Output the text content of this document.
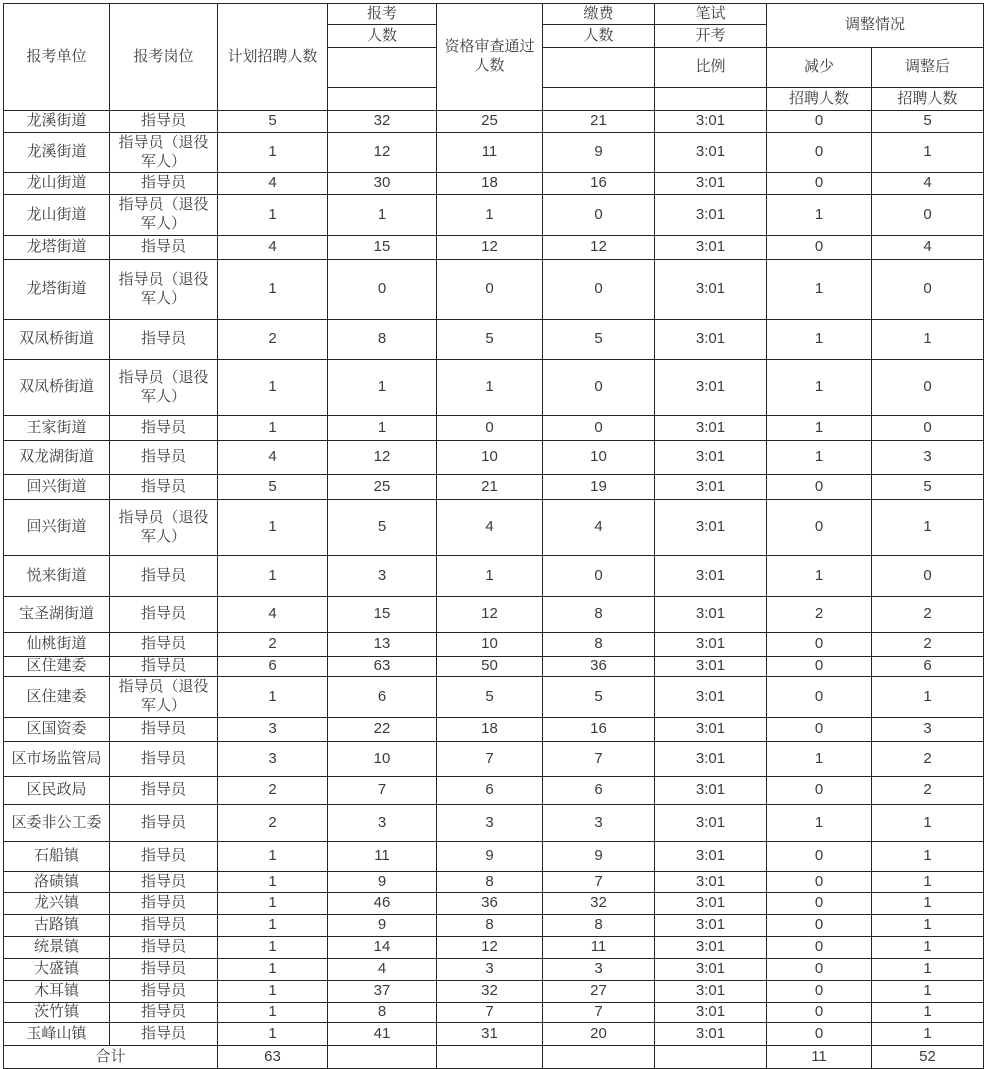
报考单位	报考岗位	计划招聘人数	报考	资格审查通过人数	缴费	笔试	调整情况	
			人数		人数	开考		
						比例	减少	调整后
							招聘人数	招聘人数
龙溪街道	指导员	5	32	25	21	3:01	0	5
龙溪街道	指导员（退役军人）	1	12	11	9	3:01	0	1
龙山街道	指导员	4	30	18	16	3:01	0	4
龙山街道	指导员（退役军人）	1	1	1	0	3:01	1	0
龙塔街道	指导员	4	15	12	12	3:01	0	4
龙塔街道	指导员（退役军人）	1	0	0	0	3:01	1	0
双凤桥街道	指导员	2	8	5	5	3:01	1	1
双凤桥街道	指导员（退役军人）	1	1	1	0	3:01	1	0
王家街道	指导员	1	1	0	0	3:01	1	0
双龙湖街道	指导员	4	12	10	10	3:01	1	3
回兴街道	指导员	5	25	21	19	3:01	0	5
回兴街道	指导员（退役军人）	1	5	4	4	3:01	0	1
悦来街道	指导员	1	3	1	0	3:01	1	0
宝圣湖街道	指导员	4	15	12	8	3:01	2	2
仙桃街道	指导员	2	13	10	8	3:01	0	2
区住建委	指导员	6	63	50	36	3:01	0	6
区住建委	指导员（退役军人）	1	6	5	5	3:01	0	1
区国资委	指导员	3	22	18	16	3:01	0	3
区市场监管局	指导员	3	10	7	7	3:01	1	2
区民政局	指导员	2	7	6	6	3:01	0	2
区委非公工委	指导员	2	3	3	3	3:01	1	1
石船镇	指导员	1	11	9	9	3:01	0	1
洛碛镇	指导员	1	9	8	7	3:01	0	1
龙兴镇	指导员	1	46	36	32	3:01	0	1
古路镇	指导员	1	9	8	8	3:01	0	1
统景镇	指导员	1	14	12	11	3:01	0	1
大盛镇	指导员	1	4	3	3	3:01	0	1
木耳镇	指导员	1	37	32	27	3:01	0	1
茨竹镇	指导员	1	8	7	7	3:01	0	1
玉峰山镇	指导员	1	41	31	20	3:01	0	1
合计		63					11	52
